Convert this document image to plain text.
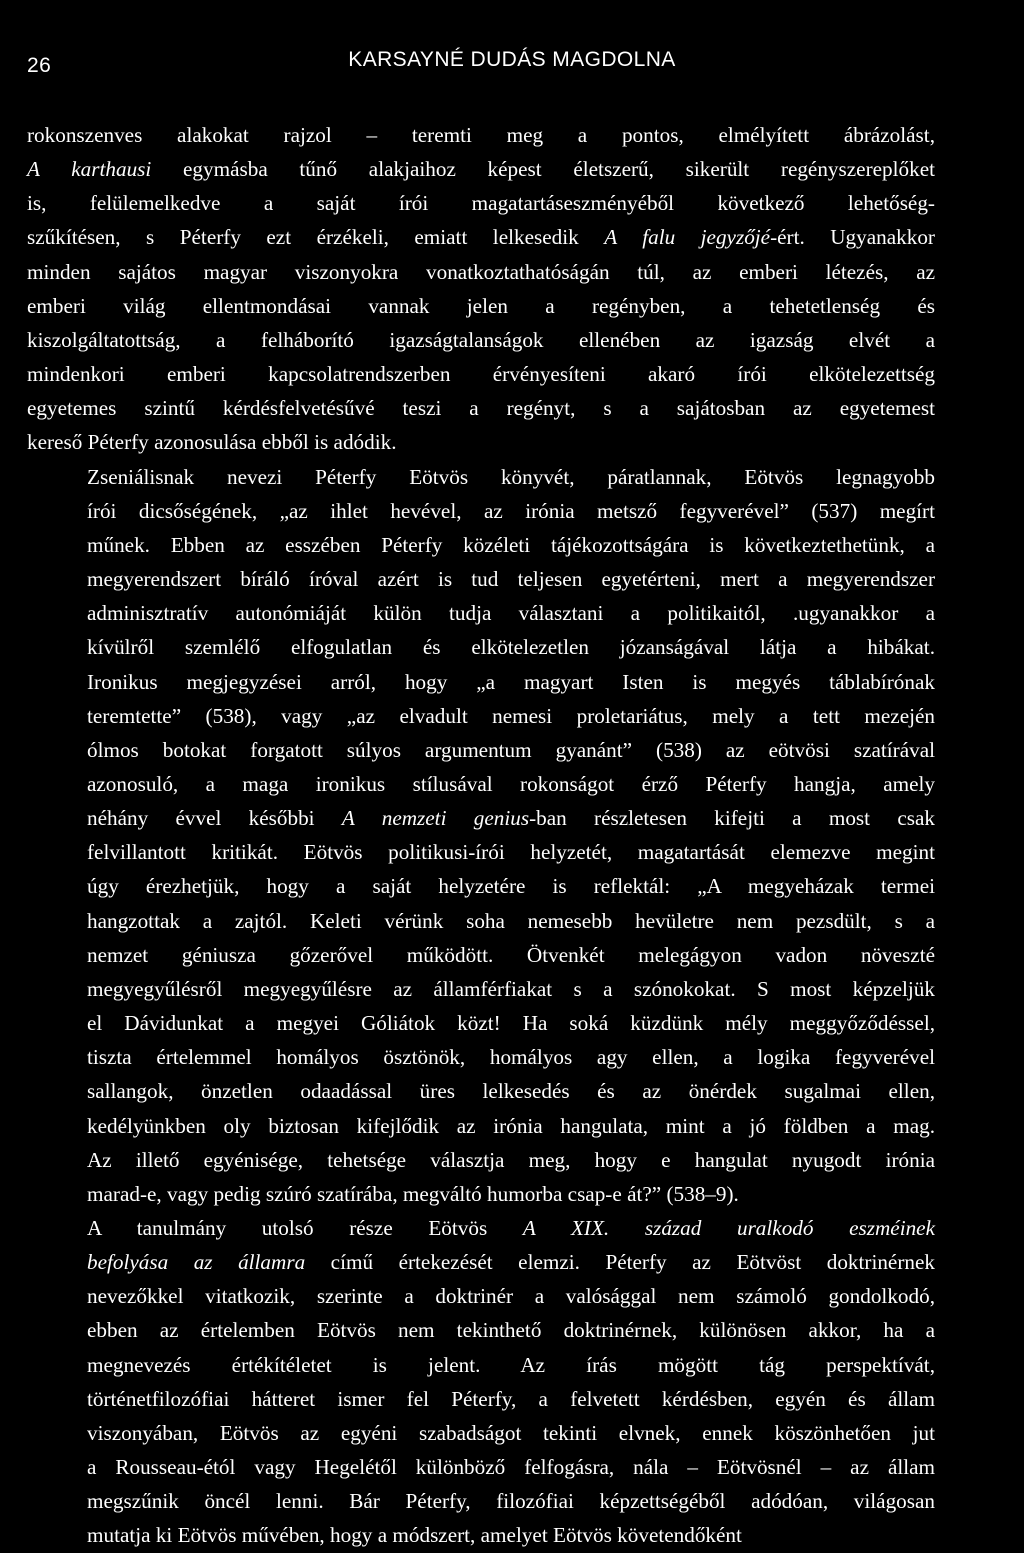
26	KARSAYNÉ DUDÁS MAGDOLNA

rokonszenves alakokat rajzol – teremti meg a pontos, elmélyített ábrázolást,
A karthausi egymásba tűnő alakjaihoz képest életszerű, sikerült regényszereplőket
is, felülemelkedve a saját írói magatartáseszményéből következő lehetőség-
szűkítésen, s Péterfy ezt érzékeli, emiatt lelkesedik A falu jegyzőjé-ért. Ugyanakkor
minden sajátos magyar viszonyokra vonatkoztathatóságán túl, az emberi létezés, az
emberi világ ellentmondásai vannak jelen a regényben, a tehetetlenség és
kiszolgáltatottság, a felháborító igazságtalanságok ellenében az igazság elvét a
mindenkori emberi kapcsolatrendszerben érvényesíteni akaró írói elkötelezettség
egyetemes szintű kérdésfelvetésűvé teszi a regényt, s a sajátosban az egyetemest
kereső Péterfy azonosulása ebből is adódik.

Zseniálisnak nevezi Péterfy Eötvös könyvét, páratlannak, Eötvös legnagyobb
írói dicsőségének, „az ihlet hevével, az irónia metsző fegyverével” (537) megírt
műnek. Ebben az esszében Péterfy közéleti tájékozottságára is következtethetünk, a
megyerendszert bíráló íróval azért is tud teljesen egyetérteni, mert a megyerendszer
adminisztratív autonómiáját külön tudja választani a politikaitól, .ugyanakkor a
kívülről szemlélő elfogulatlan és elkötelezetlen józanságával látja a hibákat.
Ironikus megjegyzései arról, hogy „a magyart Isten is megyés táblabírónak
teremtette” (538), vagy „az elvadult nemesi proletariátus, mely a tett mezején
ólmos botokat forgatott súlyos argumentum gyanánt” (538) az eötvösi szatírával
azonosuló, a maga ironikus stílusával rokonságot érző Péterfy hangja, amely
néhány évvel későbbi A nemzeti genius-ban részletesen kifejti a most csak
felvillantott kritikát. Eötvös politikusi-írói helyzetét, magatartását elemezve megint
úgy érezhetjük, hogy a saját helyzetére is reflektál: „A megyeházak termei
hangzottak a zajtól. Keleti vérünk soha nemesebb hevületre nem pezsdült, s a
nemzet géniusza gőzerővel működött. Ötvenkét melegágyon vadon növeszté
megyegyűlésről megyegyűlésre az államférfiakat s a szónokokat. S most képzeljük
el Dávidunkat a megyei Góliátok közt! Ha soká küzdünk mély meggyőződéssel,
tiszta értelemmel homályos ösztönök, homályos agy ellen, a logika fegyverével
sallangok, önzetlen odaadással üres lelkesedés és az önérdek sugalmai ellen,
kedélyünkben oly biztosan kifejlődik az irónia hangulata, mint a jó földben a mag.
Az illető egyénisége, tehetsége választja meg, hogy e hangulat nyugodt irónia
marad-e, vagy pedig szúró szatírába, megváltó humorba csap-e át?” (538–9).

A tanulmány utolsó része Eötvös A XIX. század uralkodó eszméinek
befolyása az államra című értekezését elemzi. Péterfy az Eötvöst doktrinérnek
nevezőkkel vitatkozik, szerinte a doktrinér a valósággal nem számoló gondolkodó,
ebben az értelemben Eötvös nem tekinthető doktrinérnek, különösen akkor, ha a
megnevezés értékítéletet is jelent. Az írás mögött tág perspektívát,
történetfilozófiai hátteret ismer fel Péterfy, a felvetett kérdésben, egyén és állam
viszonyában, Eötvös az egyéni szabadságot tekinti elvnek, ennek köszönhetően jut
a Rousseau-étól vagy Hegelétől különböző felfogásra, nála – Eötvösnél – az állam
megszűnik öncél lenni. Bár Péterfy, filozófiai képzettségéből adódóan, világosan
mutatja ki Eötvös művében, hogy a módszert, amelyet Eötvös követendőként
